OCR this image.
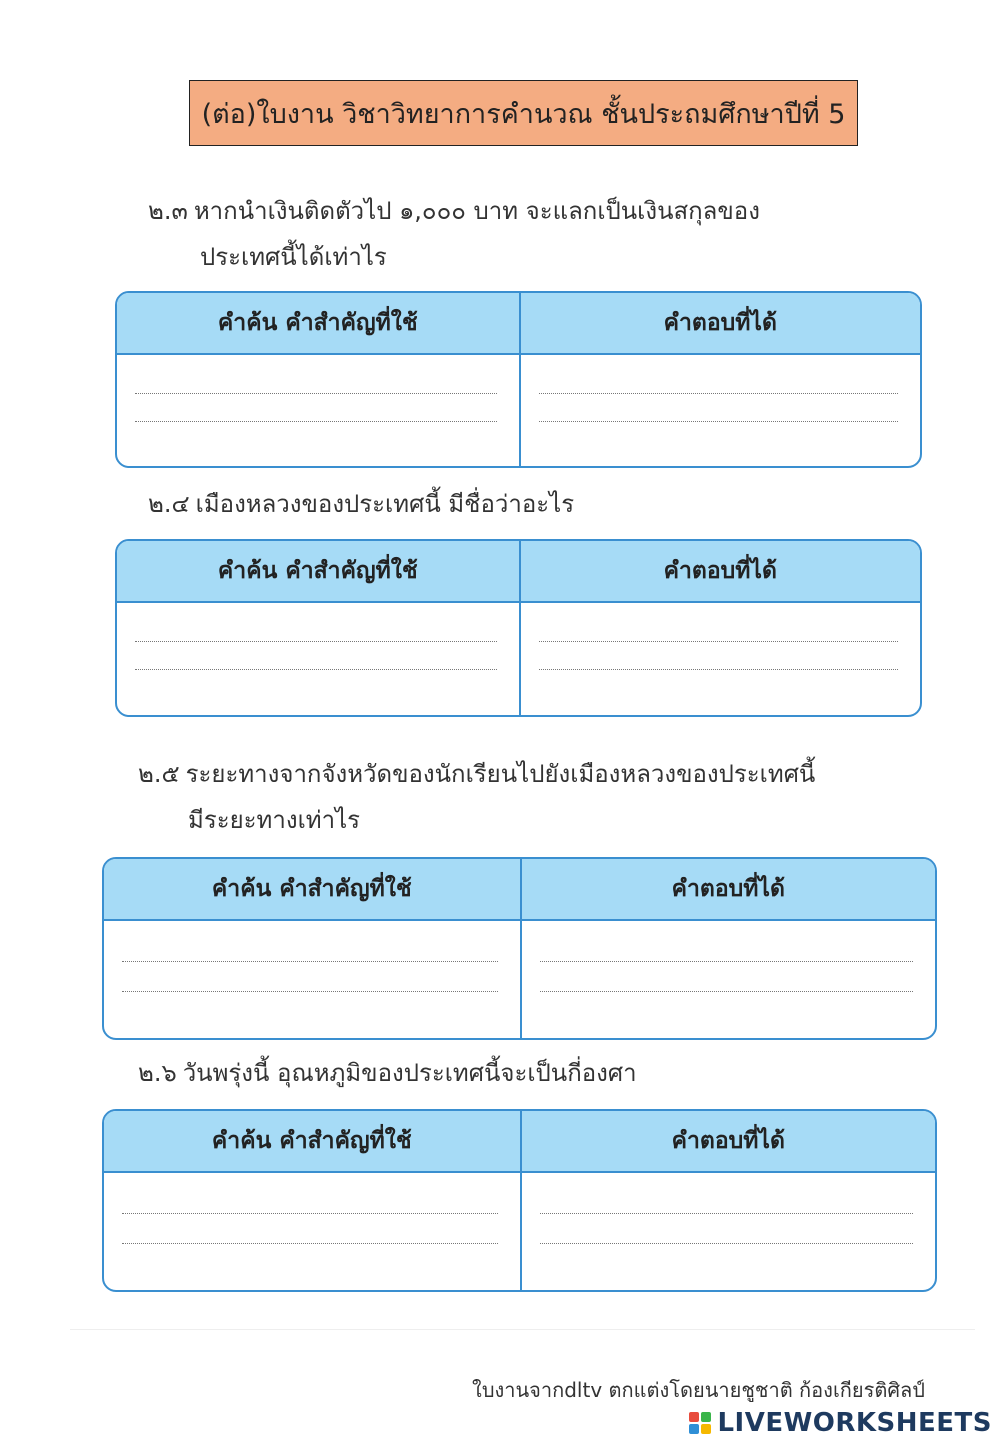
(ต่อ)ใบงาน วิชาวิทยาการคำนวณ ชั้นประถมศึกษาปีที่ 5
๒.๓ หากนำเงินติดตัวไป ๑,๐๐๐ บาท จะแลกเป็นเงินสกุลของ
ประเทศนี้ได้เท่าไร
คำค้น คำสำคัญที่ใช้	คำตอบที่ได้
๒.๔ เมืองหลวงของประเทศนี้ มีชื่อว่าอะไร
คำค้น คำสำคัญที่ใช้	คำตอบที่ได้
๒.๕ ระยะทางจากจังหวัดของนักเรียนไปยังเมืองหลวงของประเทศนี้
มีระยะทางเท่าไร
คำค้น คำสำคัญที่ใช้	คำตอบที่ได้
๒.๖ วันพรุ่งนี้ อุณหภูมิของประเทศนี้จะเป็นกี่องศา
คำค้น คำสำคัญที่ใช้	คำตอบที่ได้
ใบงานจากdltv ตกแต่งโดยนายชูชาติ ก้องเกียรติศิลป์
LIVEWORKSHEETS
